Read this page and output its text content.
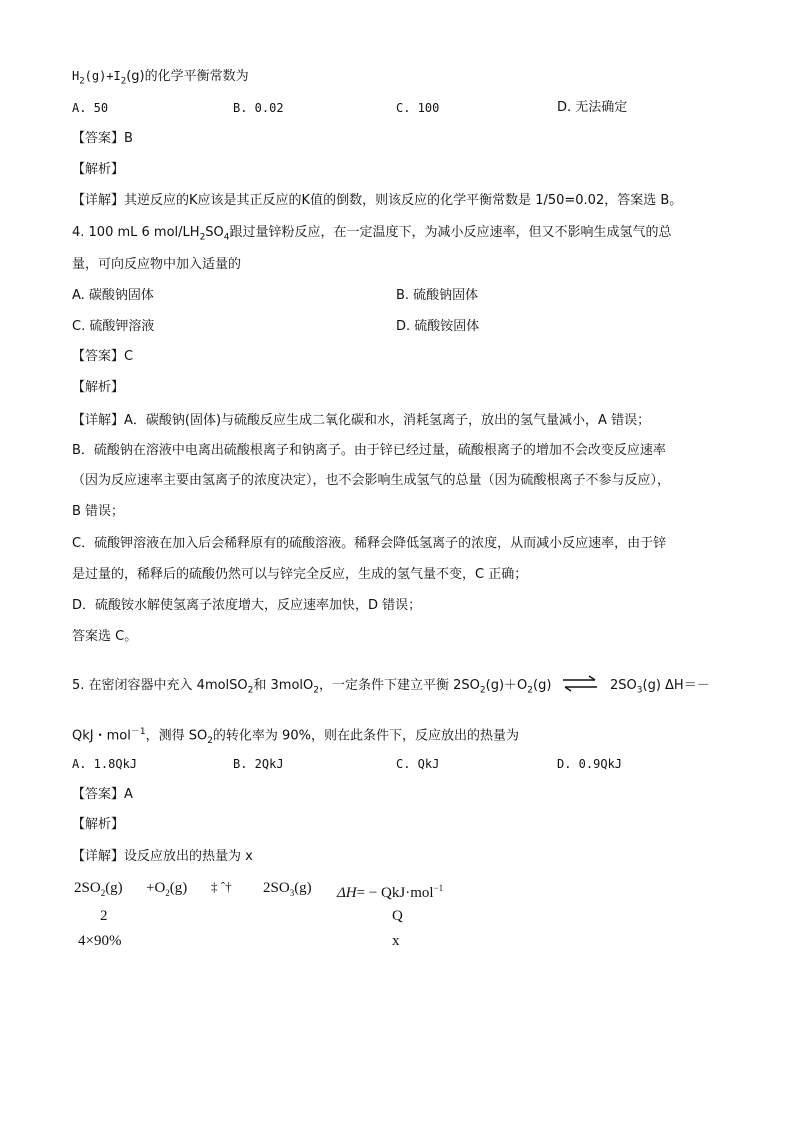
$H_2(g)+I_2(g)$的化学平衡常数为
A. 50	B. 0.02	C. 100	D. 无法确定
【答案】B
【解析】
【详解】其逆反应的K应该是其正反应的K值的倒数，则该反应的化学平衡常数是 1/50=0.02，答案选 B。
4. 100 mL 6 mol/$LH_2SO_4$跟过量锌粉反应，在一定温度下，为减小反应速率，但又不影响生成氢气的总
量，可向反应物中加入适量的
A. 碳酸钠固体	B. 硫酸钠固体
C. 硫酸钾溶液	D. 硫酸铵固体
【答案】C
【解析】
【详解】A．碳酸钠(固体)与硫酸反应生成二氧化碳和水，消耗氢离子，放出的氢气量减小，A 错误；
B．硫酸钠在溶液中电离出硫酸根离子和钠离子。由于锌已经过量，硫酸根离子的增加不会改变反应速率
（因为反应速率主要由氢离子的浓度决定），也不会影响生成氢气的总量（因为硫酸根离子不参与反应），
B 错误；
C．硫酸钾溶液在加入后会稀释原有的硫酸溶液。稀释会降低氢离子的浓度，从而减小反应速率，由于锌
是过量的，稀释后的硫酸仍然可以与锌完全反应，生成的氢气量不变，C 正确；
D．硫酸铵水解使氢离子浓度增大，反应速率加快，D 错误；
答案选 C。
5. 在密闭容器中充入 4molSO$_2$和 3molO$_2$，一定条件下建立平衡 $2SO_2(g)+O_2(g)$ ⇌ $2SO_3(g)$ ΔH＝－
QkJ・mol$^{-1}$，测得 $SO_2$的转化率为 90%，则在此条件下，反应放出的热量为
A. 1.8QkJ	B. 2QkJ	C. QkJ	D. 0.9QkJ
【答案】A
【解析】
【详解】设反应放出的热量为 x
$2SO_2(g) +O_2(g)$ ‡ ˆ† $2SO_3(g) \Delta H= - QkJ\cdot mol^{-1}$
2	Q
4×90%	x
